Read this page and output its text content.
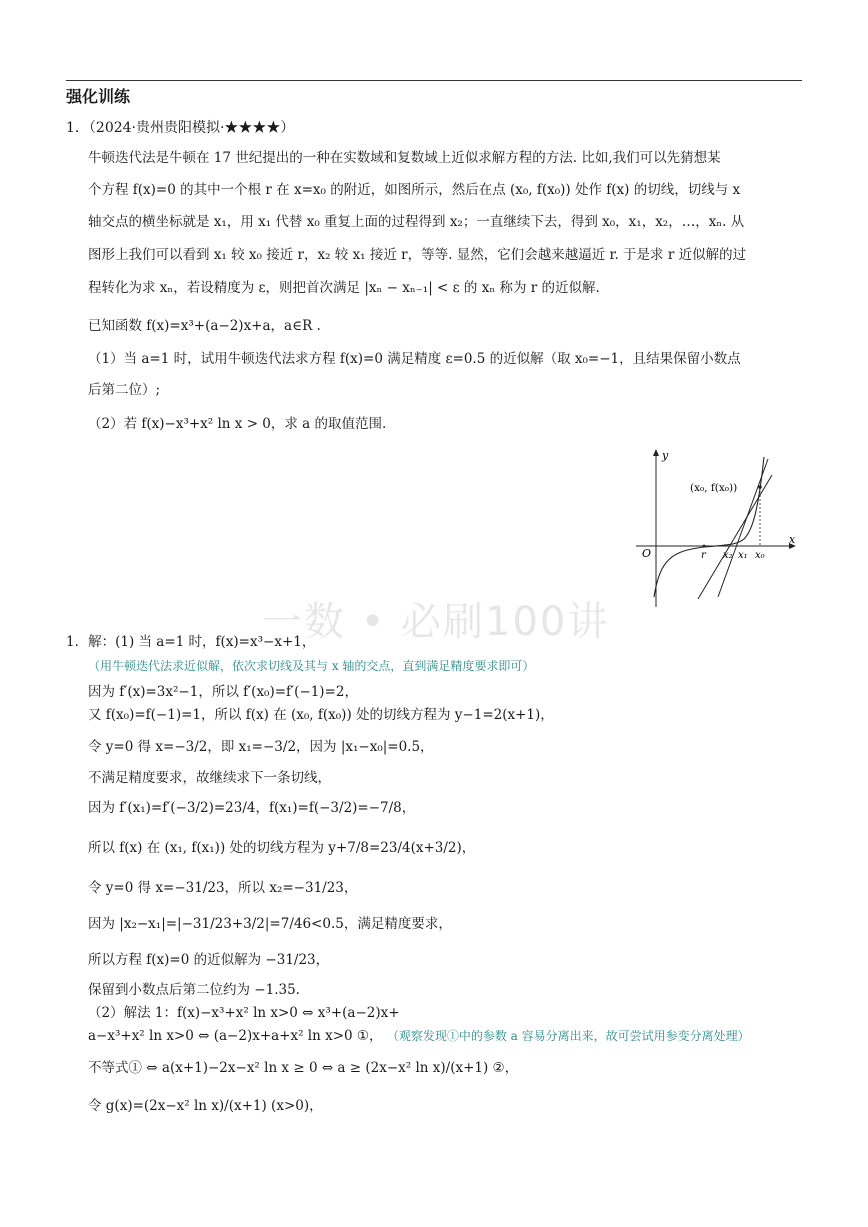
强化训练
1．（2024·贵州贵阳模拟·★★★★）
牛顿迭代法是牛顿在 17 世纪提出的一种在实数域和复数域上近似求解方程的方法. 比如,我们可以先猜想某
个方程 f(x)=0 的其中一个根 r 在 x=x₀ 的附近，如图所示，然后在点 (x₀, f(x₀)) 处作 f(x) 的切线，切线与 x
轴交点的横坐标就是 x₁，用 x₁ 代替 x₀ 重复上面的过程得到 x₂；一直继续下去，得到 x₀，x₁，x₂，…，xₙ. 从
图形上我们可以看到 x₁ 较 x₀ 接近 r，x₂ 较 x₁ 接近 r，等等. 显然，它们会越来越逼近 r. 于是求 r 近似解的过
程转化为求 xₙ，若设精度为 ε，则把首次满足 |xₙ − xₙ₋₁| < ε 的 xₙ 称为 r 的近似解.
已知函数 f(x)=x³+(a−2)x+a，a∈R .
（1）当 a=1 时，试用牛顿迭代法求方程 f(x)=0 满足精度 ε=0.5 的近似解（取 x₀=−1，且结果保留小数点
后第二位）;
（2）若 f(x)−x³+x² ln x > 0，求 a 的取值范围.
y
x
O
(x₀, f(x₀))
r x₂ x₁ x₀
一数 • 必刷100讲
1．解：(1) 当 a=1 时，f(x)=x³−x+1，
（用牛顿迭代法求近似解，依次求切线及其与 x 轴的交点，直到满足精度要求即可）
因为 f′(x)=3x²−1，所以 f′(x₀)=f′(−1)=2，
又 f(x₀)=f(−1)=1，所以 f(x) 在 (x₀, f(x₀)) 处的切线方程为 y−1=2(x+1)，
令 y=0 得 x=−3/2，即 x₁=−3/2，因为 |x₁−x₀|=0.5，
不满足精度要求，故继续求下一条切线，
因为 f′(x₁)=f′(−3/2)=23/4，f(x₁)=f(−3/2)=−7/8，
所以 f(x) 在 (x₁, f(x₁)) 处的切线方程为 y+7/8=23/4(x+3/2)，
令 y=0 得 x=−31/23，所以 x₂=−31/23，
因为 |x₂−x₁|=|−31/23+3/2|=7/46<0.5，满足精度要求，
所以方程 f(x)=0 的近似解为 −31/23，
保留到小数点后第二位约为 −1.35.
（2）解法 1：f(x)−x³+x² ln x>0 ⇔ x³+(a−2)x+
a−x³+x² ln x>0 ⇔ (a−2)x+a+x² ln x>0 ①， （观察发现①中的参数 a 容易分离出来，故可尝试用参变分离处理）
不等式① ⇔ a(x+1)−2x−x² ln x ≥ 0 ⇔ a ≥ (2x−x² ln x)/(x+1) ②，
令 g(x)=(2x−x² ln x)/(x+1) (x>0)，
